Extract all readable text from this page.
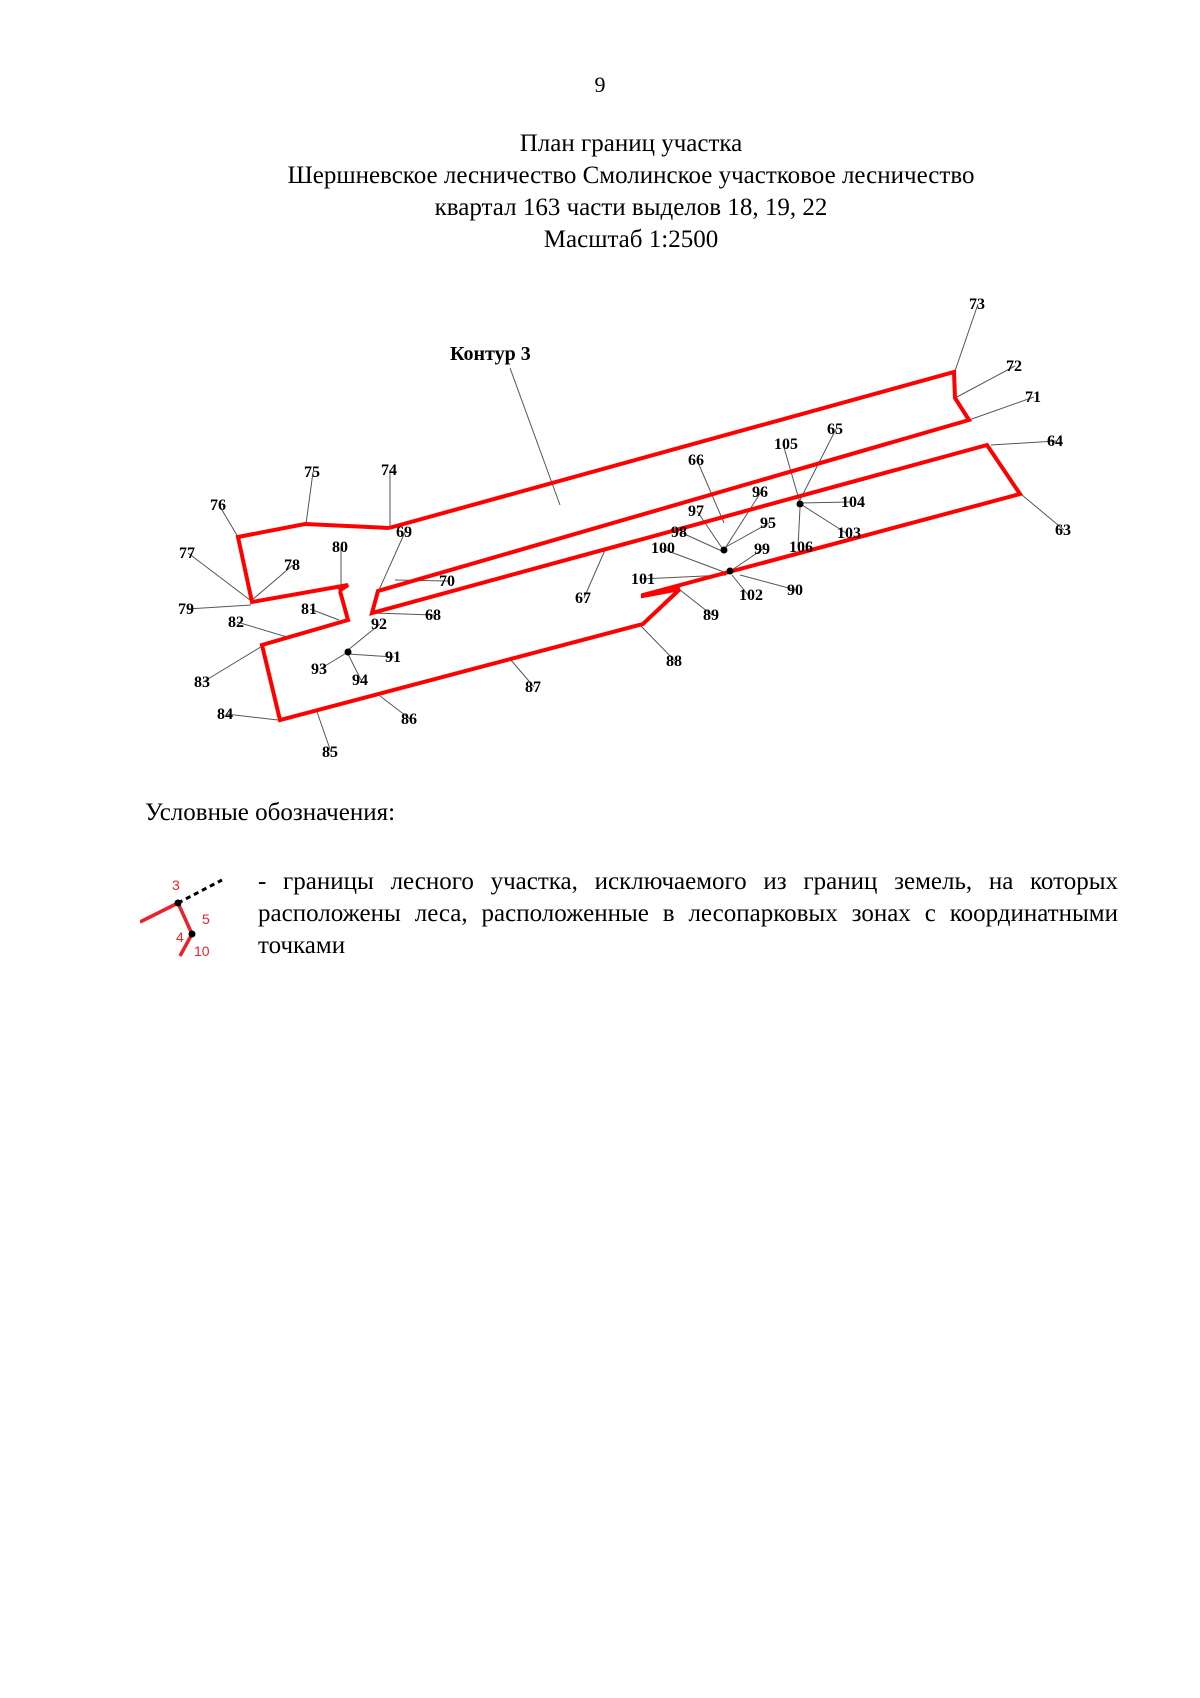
9
План границ участка
Шершневское лесничество Смолинское участковое лесничество
квартал 163 части выделов 18, 19, 22
Масштаб 1:2500
63
64
65
66
67
68
69
70
71
72
73
74
75
76
77
78
79
80
81
82
83
84
85
86
87
88
89
90
91
92
93
94
95
96
97
98
99
100
101
102
103
104
105
106
Контур 3
Условные обозначения:
3
5
4
10
- границы лесного участка, исключаемого из границ земель, на которых расположены леса, расположенные в лесопарковых зонах с координатными точками
